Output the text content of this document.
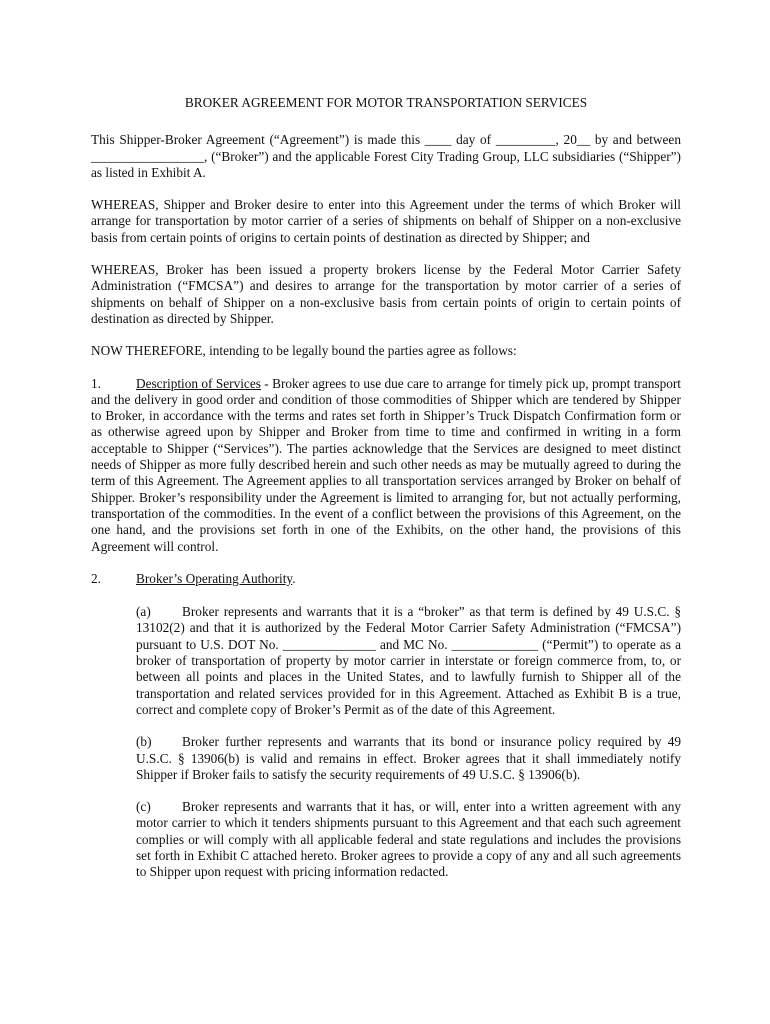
BROKER AGREEMENT FOR MOTOR TRANSPORTATION SERVICES

This Shipper-Broker Agreement (“Agreement”) is made this ____ day of _________, 20__ by and between _________________, (“Broker”) and the applicable Forest City Trading Group, LLC subsidiaries (“Shipper”) as listed in Exhibit A.

WHEREAS, Shipper and Broker desire to enter into this Agreement under the terms of which Broker will arrange for transportation by motor carrier of a series of shipments on behalf of Shipper on a non-exclusive basis from certain points of origins to certain points of destination as directed by Shipper; and

WHEREAS, Broker has been issued a property brokers license by the Federal Motor Carrier Safety Administration (“FMCSA”) and desires to arrange for the transportation by motor carrier of a series of shipments on behalf of Shipper on a non-exclusive basis from certain points of origin to certain points of destination as directed by Shipper.

NOW THEREFORE, intending to be legally bound the parties agree as follows:

1.	Description of Services - Broker agrees to use due care to arrange for timely pick up, prompt transport and the delivery in good order and condition of those commodities of Shipper which are tendered by Shipper to Broker, in accordance with the terms and rates set forth in Shipper’s Truck Dispatch Confirmation form or as otherwise agreed upon by Shipper and Broker from time to time and confirmed in writing in a form acceptable to Shipper (“Services”). The parties acknowledge that the Services are designed to meet distinct needs of Shipper as more fully described herein and such other needs as may be mutually agreed to during the term of this Agreement. The Agreement applies to all transportation services arranged by Broker on behalf of Shipper. Broker’s responsibility under the Agreement is limited to arranging for, but not actually performing, transportation of the commodities. In the event of a conflict between the provisions of this Agreement, on the one hand, and the provisions set forth in one of the Exhibits, on the other hand, the provisions of this Agreement will control.

2.	Broker’s Operating Authority.

(a) Broker represents and warrants that it is a “broker” as that term is defined by 49 U.S.C. § 13102(2) and that it is authorized by the Federal Motor Carrier Safety Administration (“FMCSA”) pursuant to U.S. DOT No. ______________ and MC No. _____________ (“Permit”) to operate as a broker of transportation of property by motor carrier in interstate or foreign commerce from, to, or between all points and places in the United States, and to lawfully furnish to Shipper all of the transportation and related services provided for in this Agreement. Attached as Exhibit B is a true, correct and complete copy of Broker’s Permit as of the date of this Agreement.

(b) Broker further represents and warrants that its bond or insurance policy required by 49 U.S.C. § 13906(b) is valid and remains in effect. Broker agrees that it shall immediately notify Shipper if Broker fails to satisfy the security requirements of 49 U.S.C. § 13906(b).

(c) Broker represents and warrants that it has, or will, enter into a written agreement with any motor carrier to which it tenders shipments pursuant to this Agreement and that each such agreement complies or will comply with all applicable federal and state regulations and includes the provisions set forth in Exhibit C attached hereto. Broker agrees to provide a copy of any and all such agreements to Shipper upon request with pricing information redacted.
